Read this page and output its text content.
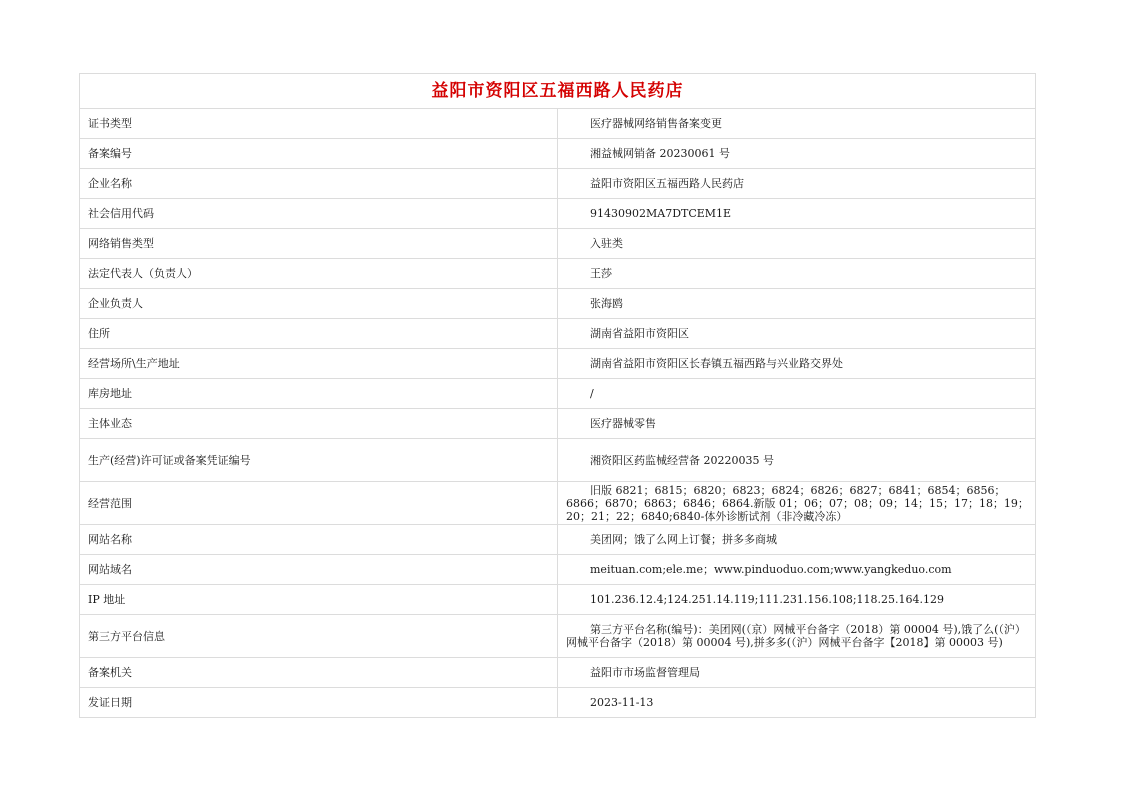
益阳市资阳区五福西路人民药店	
证书类型	医疗器械网络销售备案变更
备案编号	湘益械网销备 20230061 号
企业名称	益阳市资阳区五福西路人民药店
社会信用代码	91430902MA7DTCEM1E
网络销售类型	入驻类
法定代表人（负责人）	王莎
企业负责人	张海鸥
住所	湖南省益阳市资阳区
经营场所\生产地址	湖南省益阳市资阳区长春镇五福西路与兴业路交界处
库房地址	/
主体业态	医疗器械零售
生产(经营)许可证或备案凭证编号	湘资阳区药监械经营备 20220035 号
经营范围	旧版 6821；6815；6820；6823；6824；6826；6827；6841；6854；6856；6866；6870；6863；6846；6864.新版 01；06；07；08；09；14；15；17；18；19；20；21；22；6840;6840-体外诊断试剂（非冷藏冷冻）
网站名称	美团网；饿了么网上订餐；拼多多商城
网站域名	meituan.com;ele.me；www.pinduoduo.com;www.yangkeduo.com
IP 地址	101.236.12.4;124.251.14.119;111.231.156.108;118.25.164.129
第三方平台信息	第三方平台名称(编号)：美团网(（京）网械平台备字（2018）第 00004 号),饿了么(（沪）网械平台备字（2018）第 00004 号),拼多多(（沪）网械平台备字【2018】第 00003 号)
备案机关	益阳市市场监督管理局
发证日期	2023-11-13
